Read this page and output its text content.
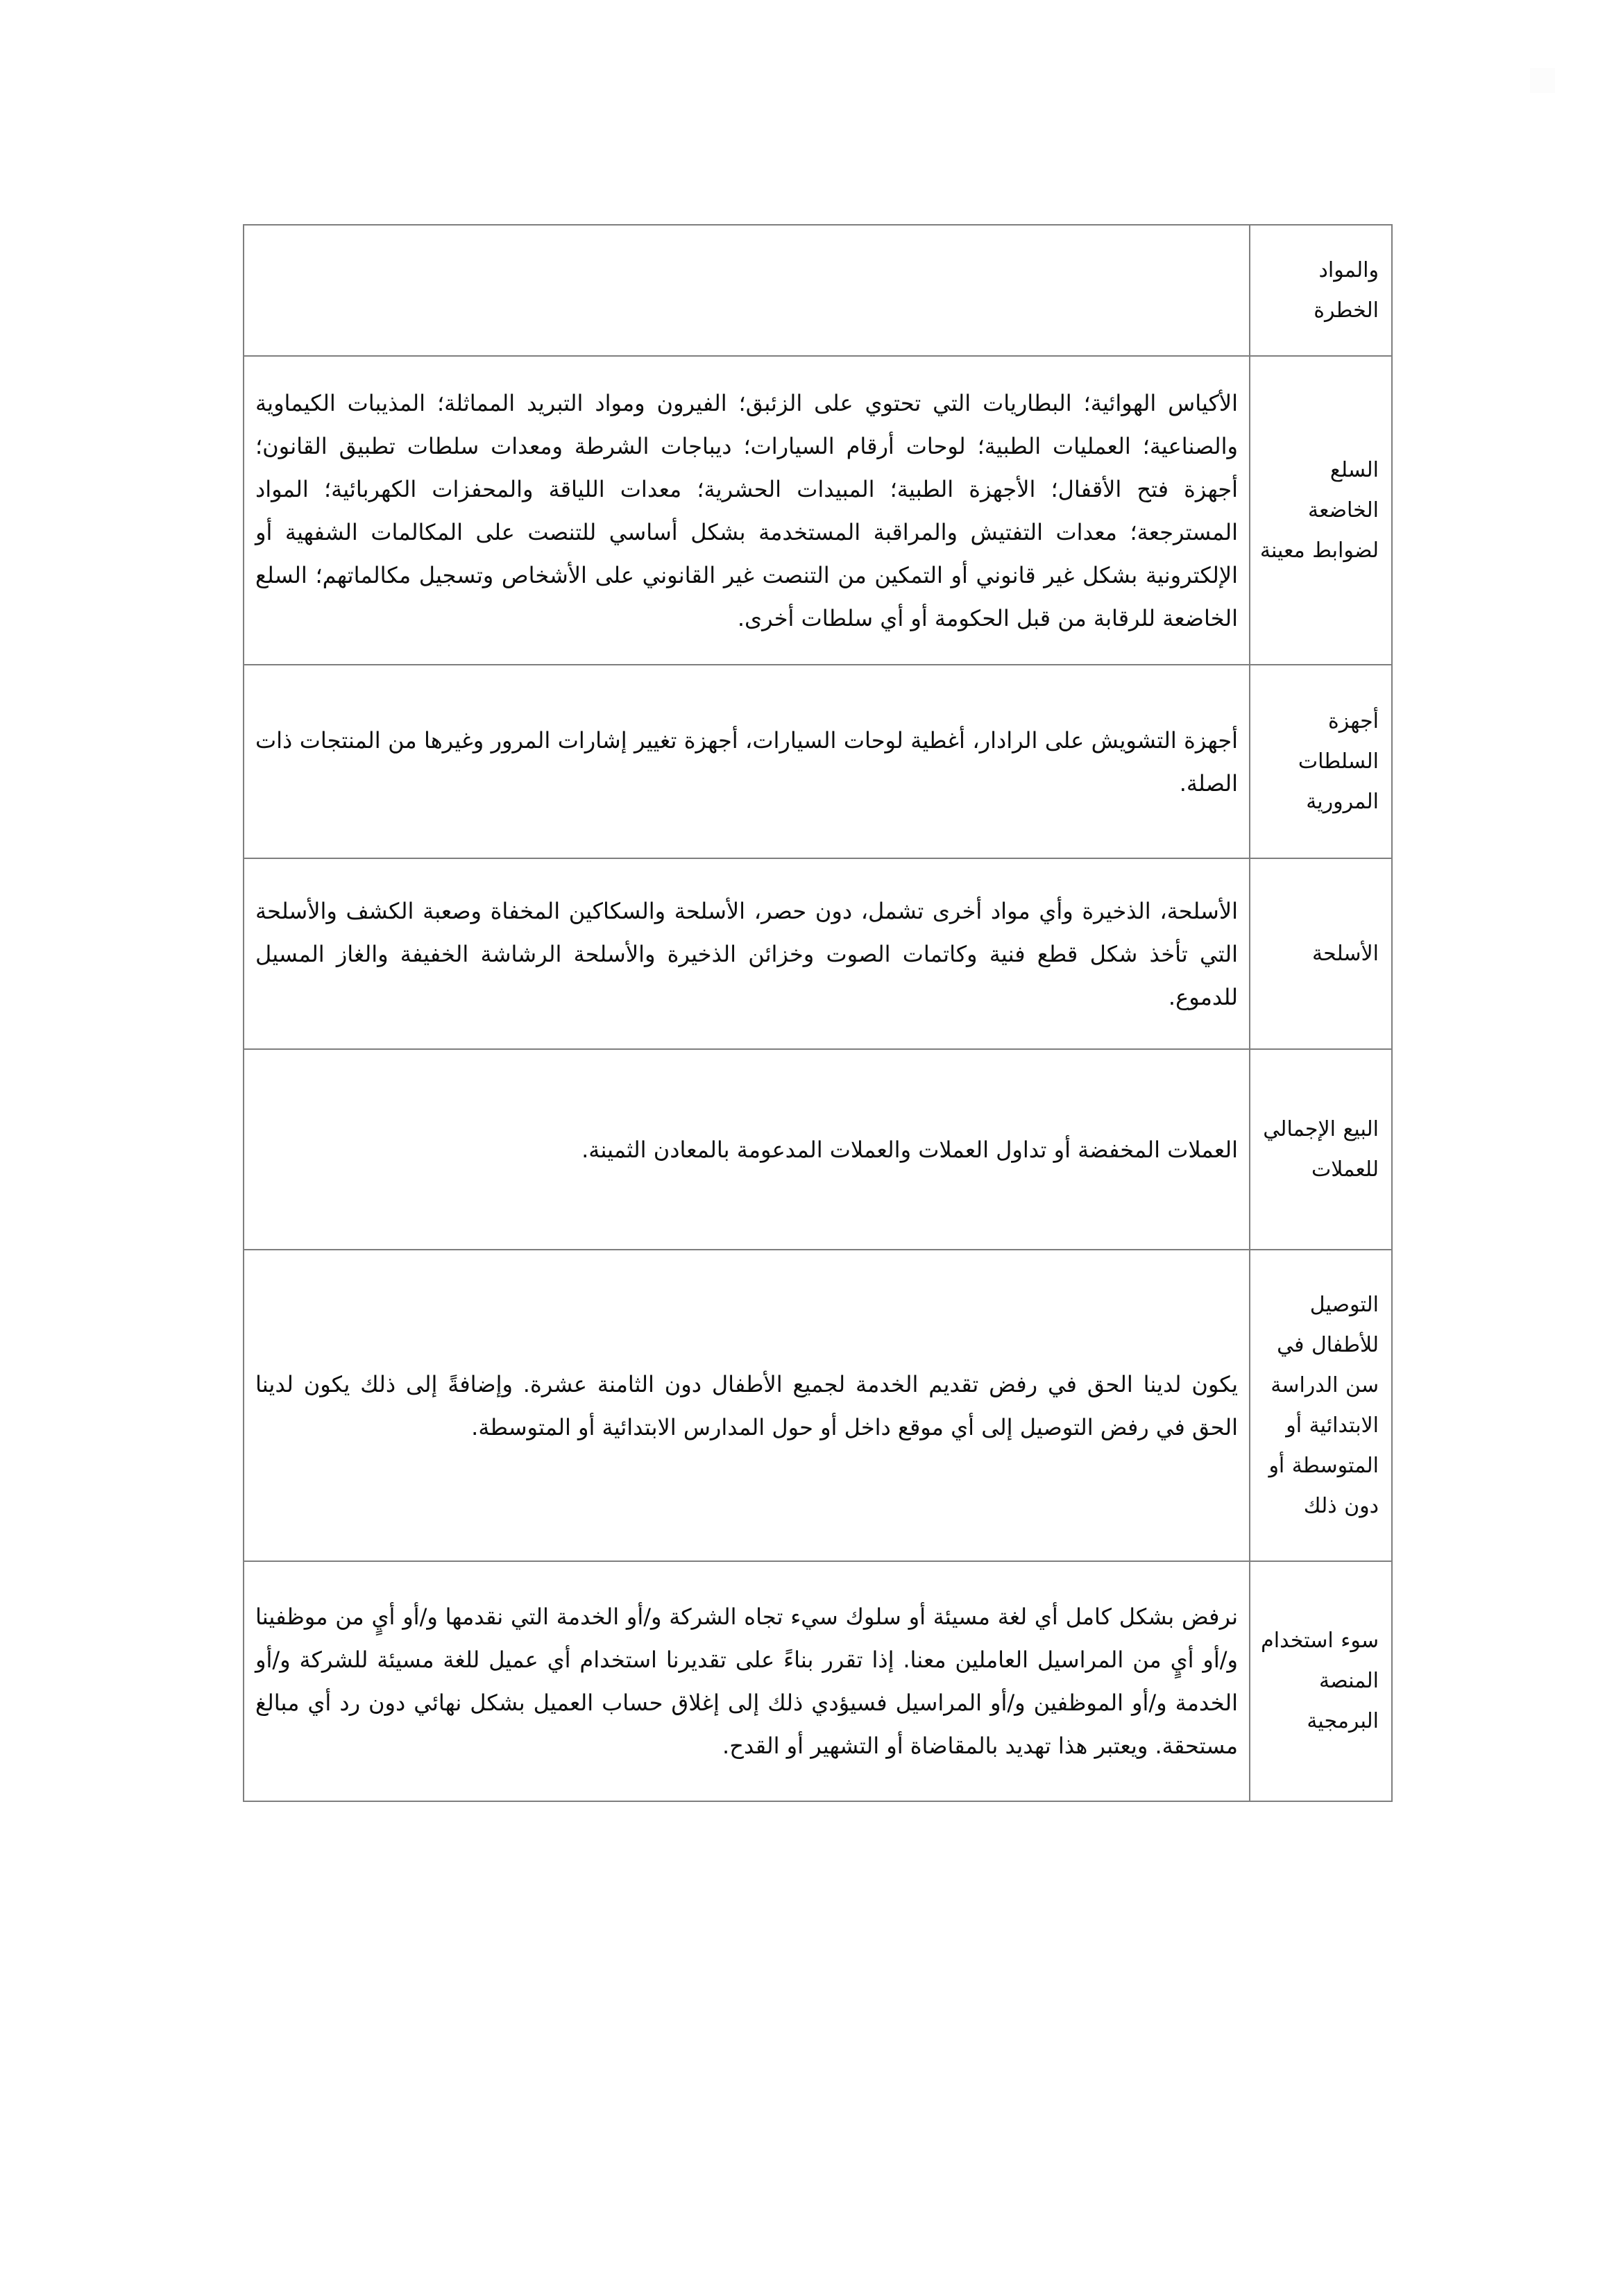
والمواد الخطرة	
السلع الخاضعة لضوابط معينة	الأكياس الهوائية؛ البطاريات التي تحتوي على الزئبق؛ الفيرون ومواد التبريد المماثلة؛ المذيبات الكيماوية والصناعية؛ العمليات الطبية؛ لوحات أرقام السيارات؛ ديباجات الشرطة ومعدات سلطات تطبيق القانون؛ أجهزة فتح الأقفال؛ الأجهزة الطبية؛ المبيدات الحشرية؛ معدات اللياقة والمحفزات الكهربائية؛ المواد المسترجعة؛ معدات التفتيش والمراقبة المستخدمة بشكل أساسي للتنصت على المكالمات الشفهية أو الإلكترونية بشكل غير قانوني أو التمكين من التنصت غير القانوني على الأشخاص وتسجيل مكالماتهم؛ السلع الخاضعة للرقابة من قبل الحكومة أو أي سلطات أخرى.
أجهزة السلطات المرورية	أجهزة التشويش على الرادار، أغطية لوحات السيارات، أجهزة تغيير إشارات المرور وغيرها من المنتجات ذات الصلة.
الأسلحة	الأسلحة، الذخيرة وأي مواد أخرى تشمل، دون حصر، الأسلحة والسكاكين المخفاة وصعبة الكشف والأسلحة التي تأخذ شكل قطع فنية وكاتمات الصوت وخزائن الذخيرة والأسلحة الرشاشة الخفيفة والغاز المسيل للدموع.
البيع الإجمالي للعملات	العملات المخفضة أو تداول العملات والعملات المدعومة بالمعادن الثمينة.
التوصيل للأطفال في سن الدراسة الابتدائية أو المتوسطة أو دون ذلك	يكون لدينا الحق في رفض تقديم الخدمة لجميع الأطفال دون الثامنة عشرة. وإضافةً إلى ذلك يكون لدينا الحق في رفض التوصيل إلى أي موقع داخل أو حول المدارس الابتدائية أو المتوسطة.
سوء استخدام المنصة البرمجية	نرفض بشكل كامل أي لغة مسيئة أو سلوك سيء تجاه الشركة و/أو الخدمة التي نقدمها و/أو أيٍ من موظفينا و/أو أيٍ من المراسيل العاملين معنا. إذا تقرر بناءً على تقديرنا استخدام أي عميل للغة مسيئة للشركة و/أو الخدمة و/أو الموظفين و/أو المراسيل فسيؤدي ذلك إلى إغلاق حساب العميل بشكل نهائي دون رد أي مبالغ مستحقة. ويعتبر هذا تهديد بالمقاضاة أو التشهير أو القدح.
